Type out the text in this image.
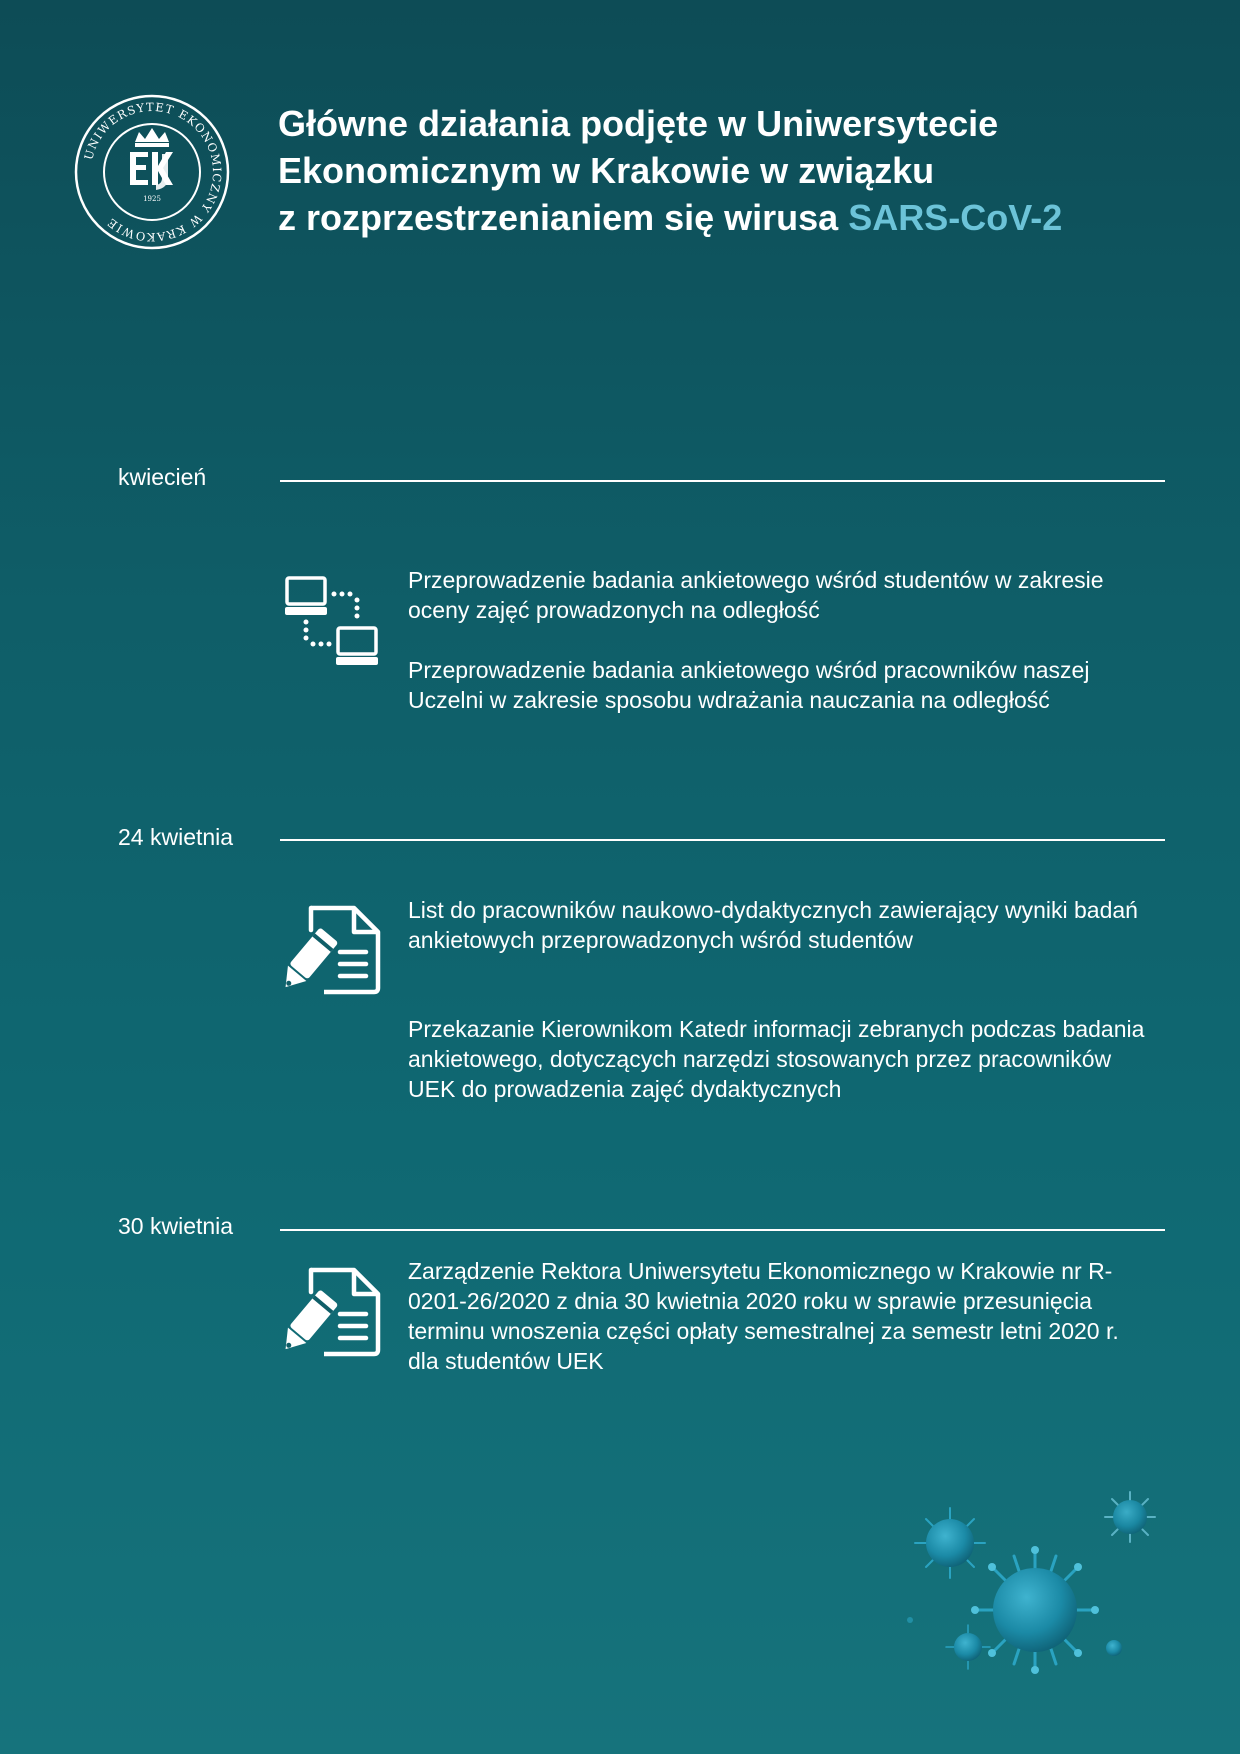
UNIWERSYTET EKONOMICZNY W KRAKOWIE
1925
Główne działania podjęte w Uniwersytecie
Ekonomicznym w Krakowie w związku
z rozprzestrzenianiem się wirusa SARS-CoV-2
kwiecień

Przeprowadzenie badania ankietowego wśród studentów w zakresie oceny zajęć prowadzonych na odległość

Przeprowadzenie badania ankietowego wśród pracowników naszej Uczelni w zakresie sposobu wdrażania nauczania na odległość

24 kwietnia

List do pracowników naukowo-dydaktycznych zawierający wyniki badań ankietowych przeprowadzonych wśród studentów

Przekazanie Kierownikom Katedr informacji zebranych podczas badania ankietowego, dotyczących narzędzi stosowanych przez pracowników UEK do prowadzenia zajęć dydaktycznych

30 kwietnia

Zarządzenie Rektora Uniwersytetu Ekonomicznego w Krakowie nr R-0201-26/2020 z dnia 30 kwietnia 2020 roku w sprawie przesunięcia terminu wnoszenia części opłaty semestralnej za semestr letni 2020 r. dla studentów UEK
